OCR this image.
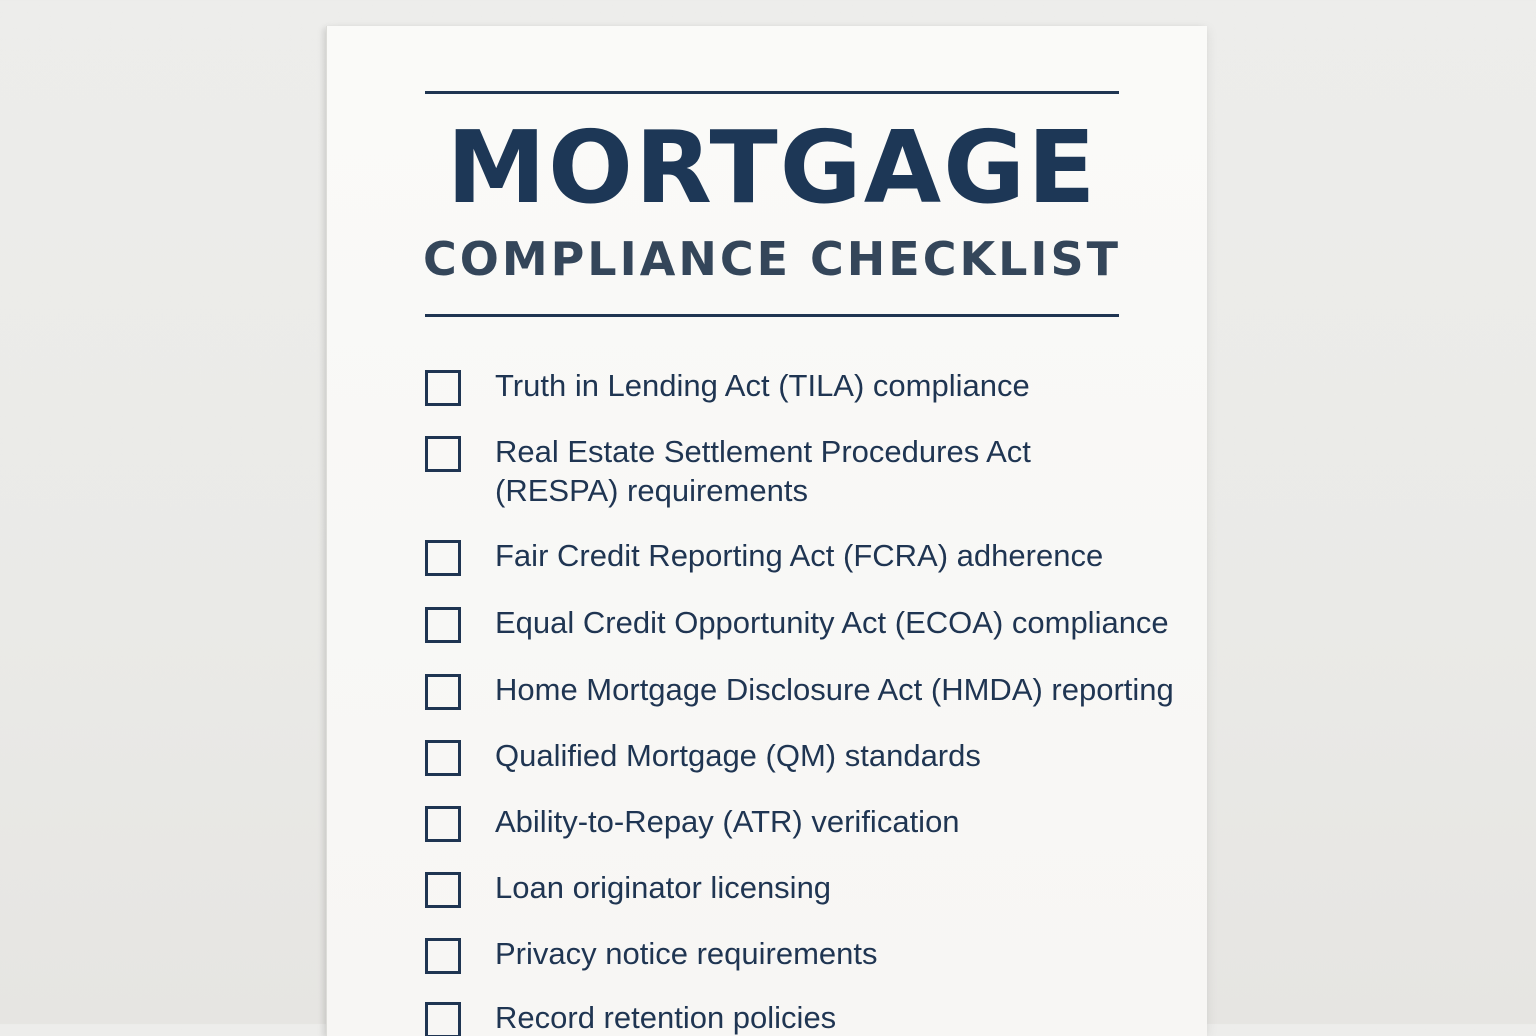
MORTGAGE
COMPLIANCE CHECKLIST
Truth in Lending Act (TILA) compliance
Real Estate Settlement Procedures Act
(RESPA) requirements
Fair Credit Reporting Act (FCRA) adherence
Equal Credit Opportunity Act (ECOA) compliance
Home Mortgage Disclosure Act (HMDA) reporting
Qualified Mortgage (QM) standards
Ability-to-Repay (ATR) verification
Loan originator licensing
Privacy notice requirements
Record retention policies
